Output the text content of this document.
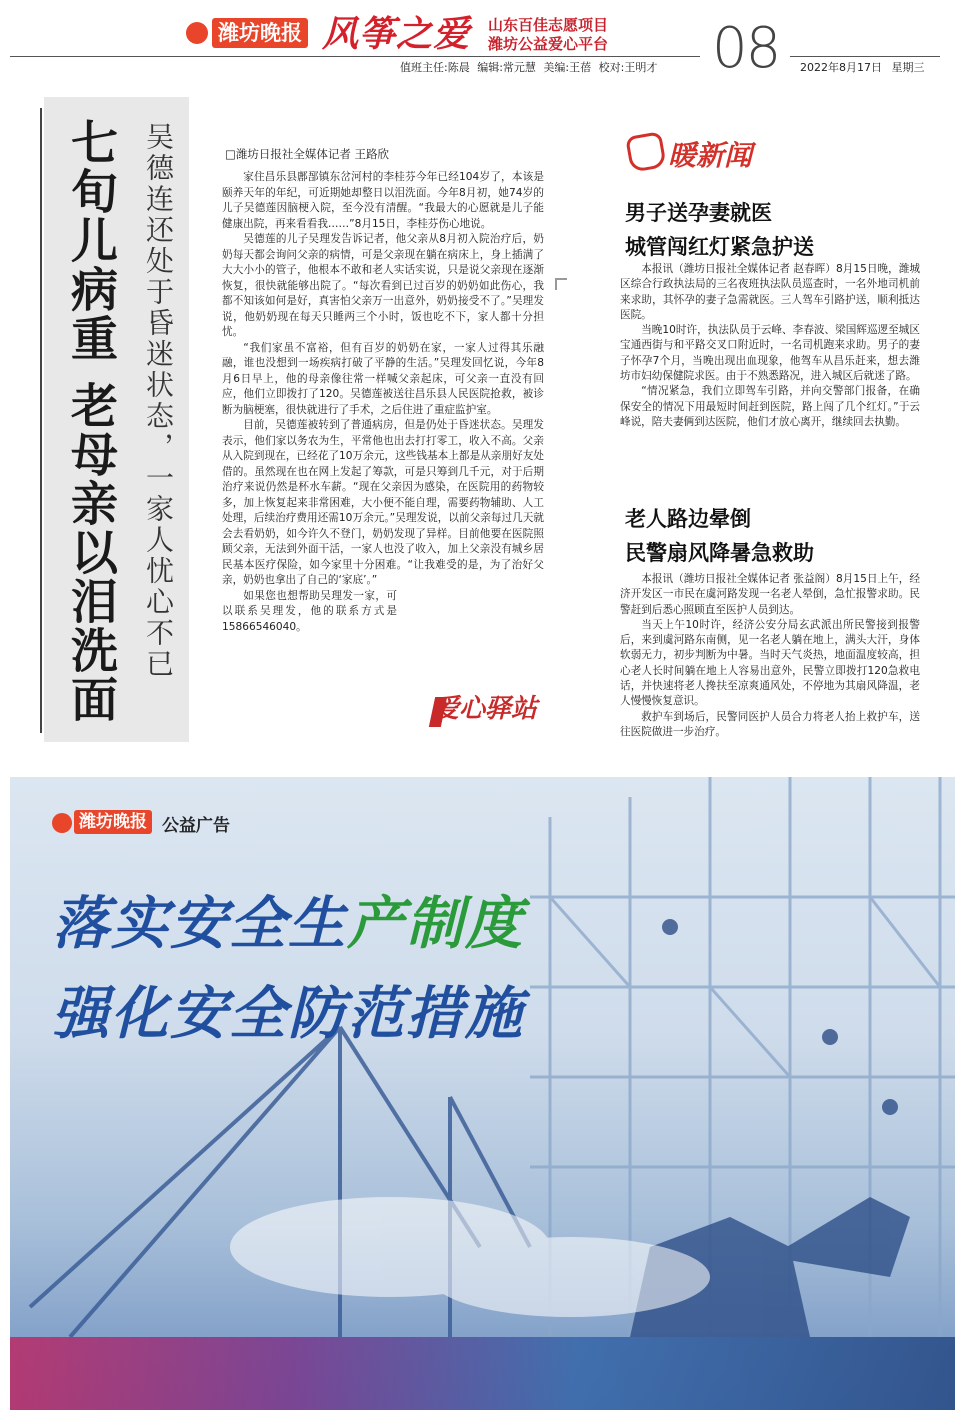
潍坊晚报 风筝之爱 山东百佳志愿项目
潍坊公益爱心平台 08
值班主任:陈晨 编辑:常元慧 美编:王蓓 校对:王明才	2022年8月17日 星期三
七旬儿病重 老母亲以泪洗面 吴德连还处于昏迷状态，一家人忧心不已	□潍坊日报社全媒体记者 王路欣

家住昌乐县鄌郚镇东岔河村的李桂芬今年已经104岁了，本该是颐养天年的年纪，可近期她却整日以泪洗面。今年8月初，她74岁的儿子吴德莲因脑梗入院，至今没有清醒。“我最大的心愿就是儿子能健康出院，再来看看我……”8月15日，李桂芬伤心地说。

吴德莲的儿子吴理发告诉记者，他父亲从8月初入院治疗后，奶奶每天都会询问父亲的病情，可是父亲现在躺在病床上，身上插满了大大小小的管子，他根本不敢和老人实话实说，只是说父亲现在逐渐恢复，很快就能够出院了。“每次看到已过百岁的奶奶如此伤心，我都不知该如何是好，真害怕父亲万一出意外，奶奶接受不了。”吴理发说，他奶奶现在每天只睡两三个小时，饭也吃不下，家人都十分担忧。

“我们家虽不富裕，但有百岁的奶奶在家，一家人过得其乐融融，谁也没想到一场疾病打破了平静的生活。”吴理发回忆说，今年8月6日早上，他的母亲像往常一样喊父亲起床，可父亲一直没有回应，他们立即拨打了120。吴德莲被送往昌乐县人民医院抢救，被诊断为脑梗塞，很快就进行了手术，之后住进了重症监护室。

目前，吴德莲被转到了普通病房，但是仍处于昏迷状态。吴理发表示，他们家以务农为生，平常他也出去打打零工，收入不高。父亲从入院到现在，已经花了10万余元，这些钱基本上都是从亲朋好友处借的。虽然现在也在网上发起了筹款，可是只筹到几千元，对于后期治疗来说仍然是杯水车薪。“现在父亲因为感染，在医院用的药物较多，加上恢复起来非常困难，大小便不能自理，需要药物辅助、人工处理，后续治疗费用还需10万余元。”吴理发说，以前父亲每过几天就会去看奶奶，如今许久不登门，奶奶发现了异样。目前他要在医院照顾父亲，无法到外面干活，一家人也没了收入，加上父亲没有城乡居民基本医疗保险，如今家里十分困难。“让我难受的是，为了治好父亲，奶奶也拿出了自己的‘家底’。”

如果您也想帮助吴理发一家，可以联系吴理发，他的联系方式是15866546040。

爱心驿站
暖新闻
男子送孕妻就医
城管闯红灯紧急护送

本报讯（潍坊日报社全媒体记者 赵春晖）8月15日晚，潍城区综合行政执法局的三名夜班执法队员巡查时，一名外地司机前来求助，其怀孕的妻子急需就医。三人驾车引路护送，顺利抵达医院。

当晚10时许，执法队员于云峰、李春波、梁国辉巡逻至城区宝通西街与和平路交叉口附近时，一名司机跑来求助。男子的妻子怀孕7个月，当晚出现出血现象，他驾车从昌乐赶来，想去潍坊市妇幼保健院求医。由于不熟悉路况，进入城区后就迷了路。

“情况紧急，我们立即驾车引路，并向交警部门报备，在确保安全的情况下用最短时间赶到医院，路上闯了几个红灯。”于云峰说，陪夫妻俩到达医院，他们才放心离开，继续回去执勤。

老人路边晕倒
民警扇风降暑急救助

本报讯（潍坊日报社全媒体记者 张益阁）8月15日上午，经济开发区一市民在虞河路发现一名老人晕倒，急忙报警求助。民警赶到后悉心照顾直至医护人员到达。

当天上午10时许，经济公安分局玄武派出所民警接到报警后，来到虞河路东南侧，见一名老人躺在地上，满头大汗，身体软弱无力，初步判断为中暑。当时天气炎热，地面温度较高，担心老人长时间躺在地上人容易出意外，民警立即拨打120急救电话，并快速将老人搀扶至凉爽通风处，不停地为其扇风降温，老人慢慢恢复意识。

救护车到场后，民警同医护人员合力将老人抬上救护车，送往医院做进一步治疗。

潍坊晚报 公益广告
落实安全生产制度
强化安全防范措施
